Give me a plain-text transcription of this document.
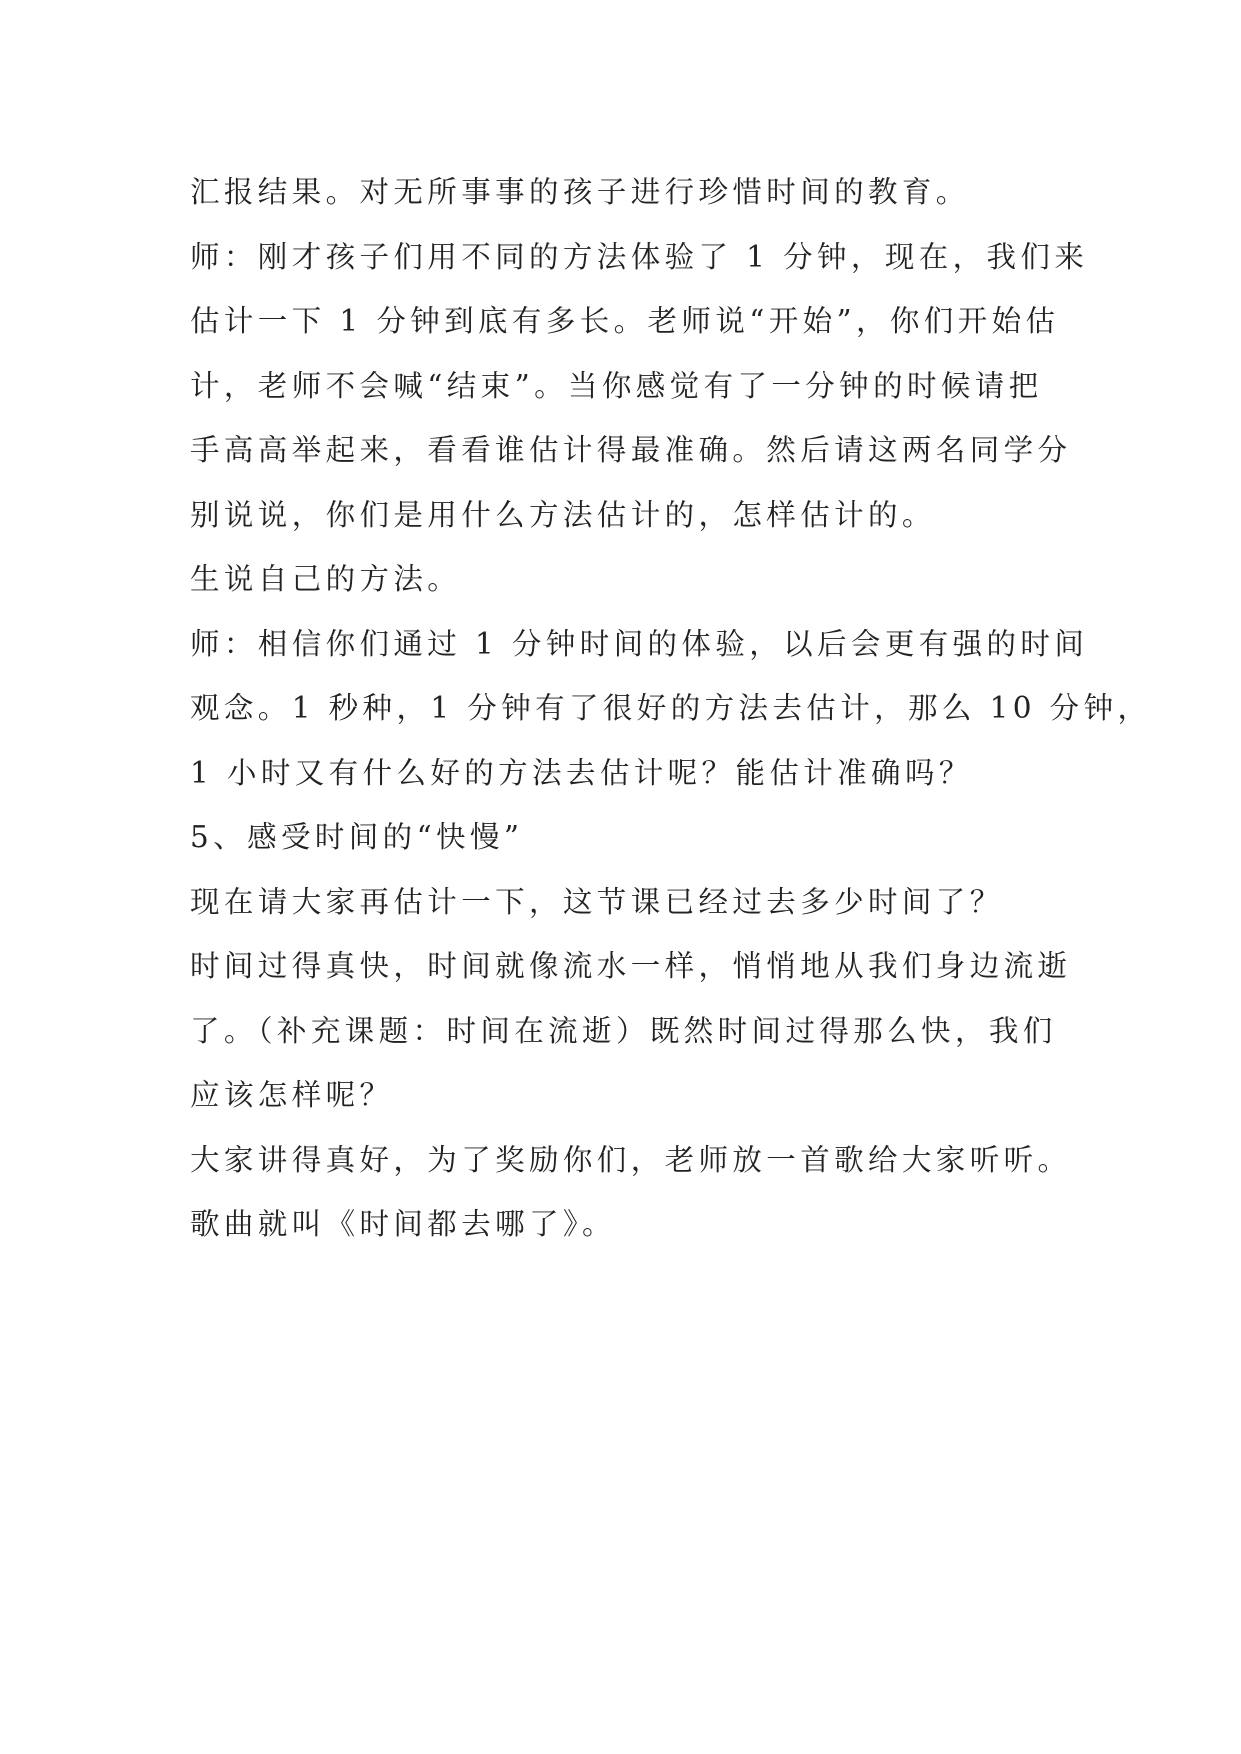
汇报结果。对无所事事的孩子进行珍惜时间的教育。
师：刚才孩子们用不同的方法体验了 1 分钟，现在，我们来
估计一下 1 分钟到底有多长。老师说“开始”，你们开始估
计，老师不会喊“结束”。当你感觉有了一分钟的时候请把
手高高举起来，看看谁估计得最准确。然后请这两名同学分
别说说，你们是用什么方法估计的，怎样估计的。
生说自己的方法。
师：相信你们通过 1 分钟时间的体验，以后会更有强的时间
观念。1 秒种，1 分钟有了很好的方法去估计，那么 10 分钟，
1 小时又有什么好的方法去估计呢？能估计准确吗？
5、感受时间的“快慢”
现在请大家再估计一下，这节课已经过去多少时间了？
时间过得真快，时间就像流水一样，悄悄地从我们身边流逝
了。（补充课题：时间在流逝）既然时间过得那么快，我们
应该怎样呢？
大家讲得真好，为了奖励你们，老师放一首歌给大家听听。
歌曲就叫《时间都去哪了》。
